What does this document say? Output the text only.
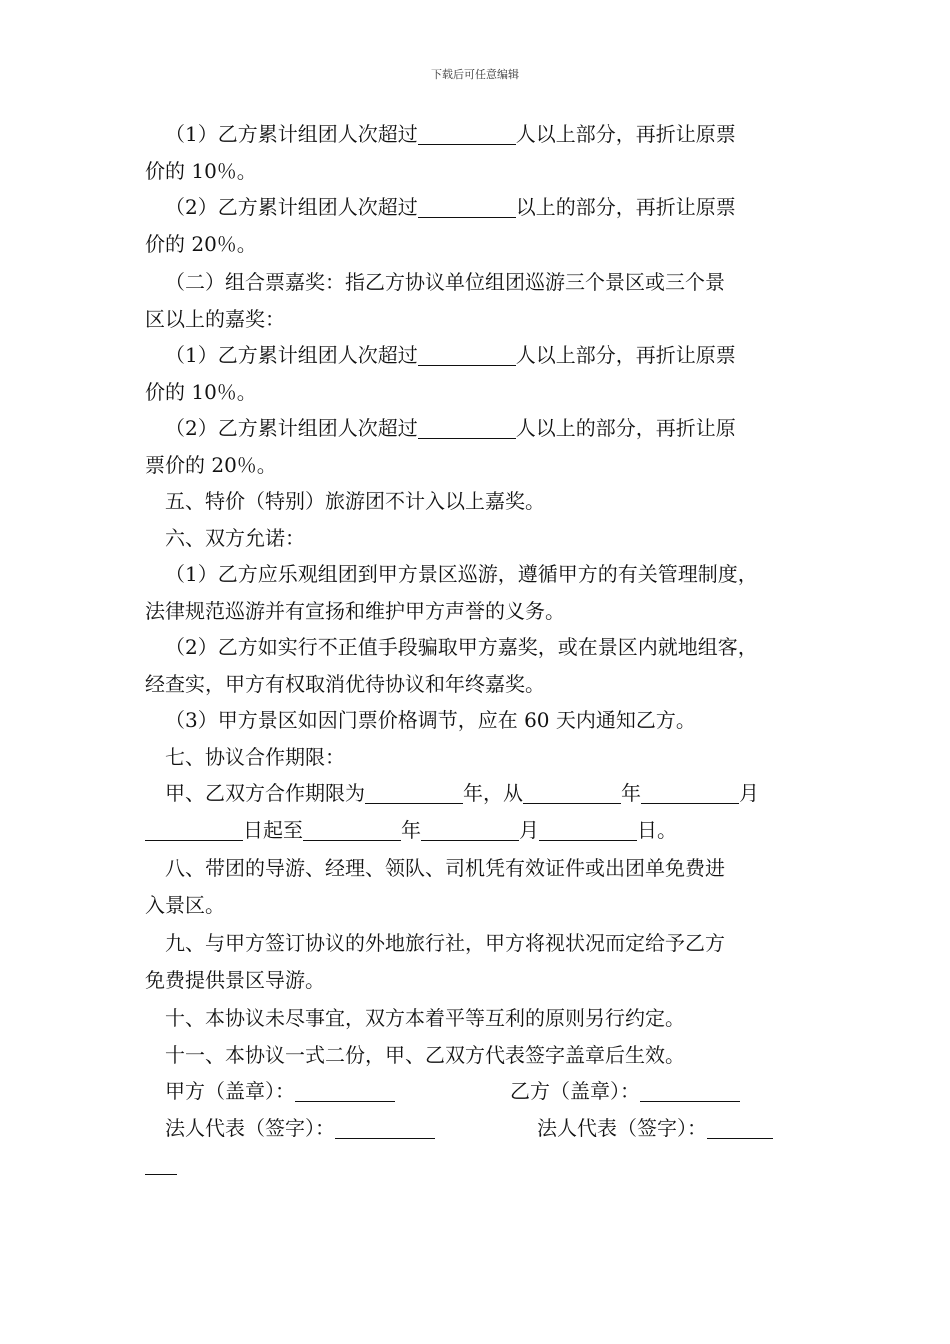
下载后可任意编辑

（1）乙方累计组团人次超过	人以上部分，再折让原票

价的 10％。

（2）乙方累计组团人次超过	以上的部分，再折让原票

价的 20％。

（二）组合票嘉奖：指乙方协议单位组团巡游三个景区或三个景

区以上的嘉奖：

（1）乙方累计组团人次超过	人以上部分，再折让原票

价的 10％。

（2）乙方累计组团人次超过	人以上的部分，再折让原

票价的 20％。

五、特价（特别）旅游团不计入以上嘉奖。

六、双方允诺：

（1）乙方应乐观组团到甲方景区巡游，遵循甲方的有关管理制度，

法律规范巡游并有宣扬和维护甲方声誉的义务。

（2）乙方如实行不正值手段骗取甲方嘉奖，或在景区内就地组客，

经查实，甲方有权取消优待协议和年终嘉奖。

（3）甲方景区如因门票价格调节，应在 60 天内通知乙方。

七、协议合作期限：

甲、乙双方合作期限为	年，从	年	月

日起至	年	月	日。

八、带团的导游、经理、领队、司机凭有效证件或出团单免费进

入景区。

九、与甲方签订协议的外地旅行社，甲方将视状况而定给予乙方

免费提供景区导游。

十、本协议未尽事宜，双方本着平等互利的原则另行约定。

十一、本协议一式二份，甲、乙双方代表签字盖章后生效。

甲方（盖章）：	乙方（盖章）：
法人代表（签字）：	法人代表（签字）：
